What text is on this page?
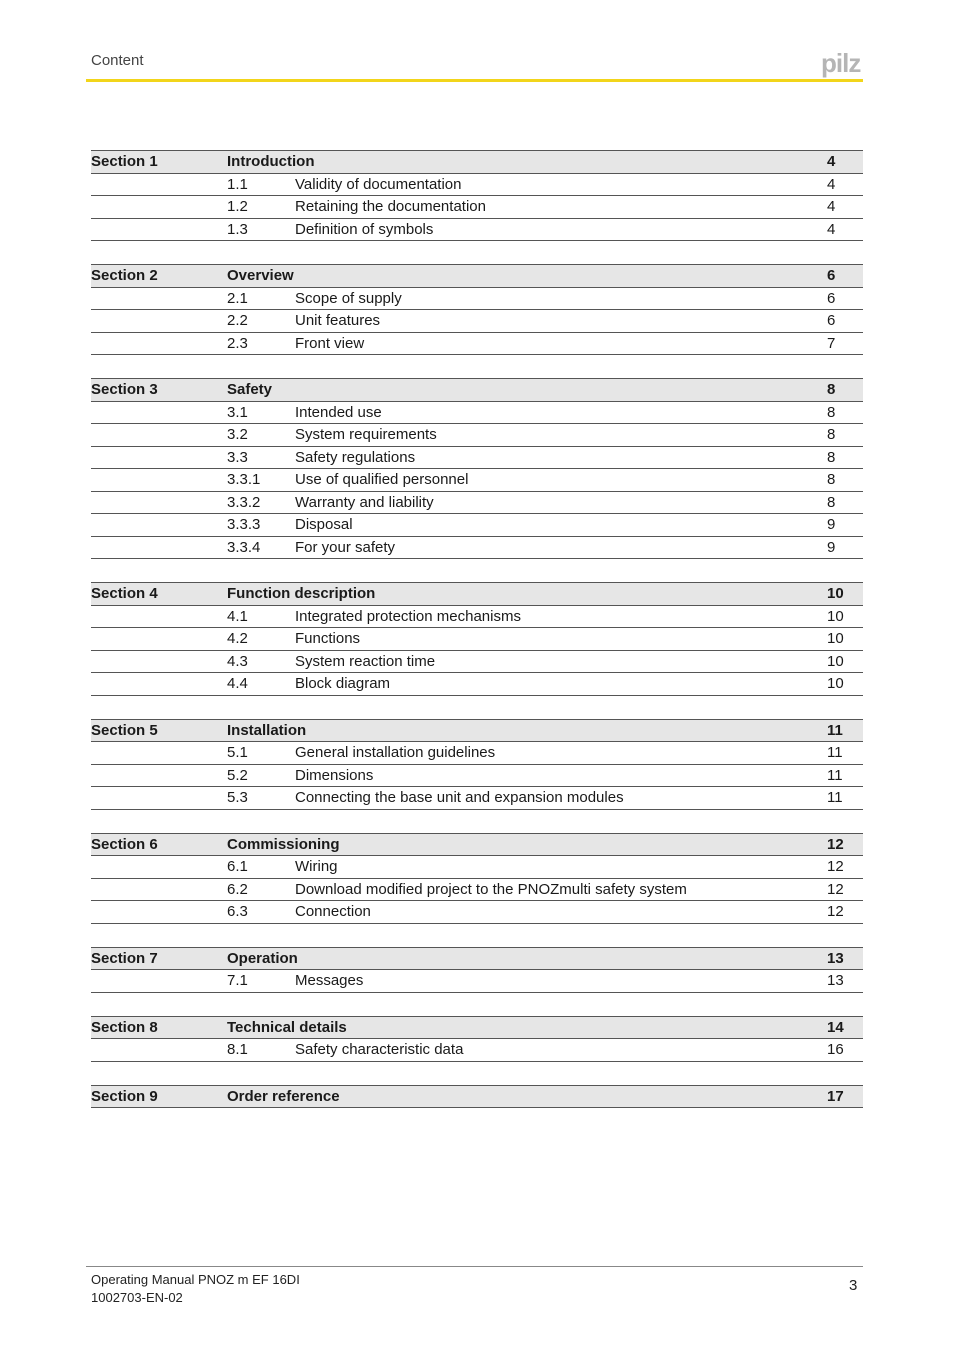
Content	pilz
Section 1	Introduction	4
1.1	Validity of documentation	4
1.2	Retaining the documentation	4
1.3	Definition of symbols	4
Section 2	Overview	6
2.1	Scope of supply	6
2.2	Unit features	6
2.3	Front view	7
Section 3	Safety	8
3.1	Intended use	8
3.2	System requirements	8
3.3	Safety regulations	8
3.3.1	Use of qualified personnel	8
3.3.2	Warranty and liability	8
3.3.3	Disposal	9
3.3.4	For your safety	9
Section 4	Function description	10
4.1	Integrated protection mechanisms	10
4.2	Functions	10
4.3	System reaction time	10
4.4	Block diagram	10
Section 5	Installation	11
5.1	General installation guidelines	11
5.2	Dimensions	11
5.3	Connecting the base unit and expansion modules	11
Section 6	Commissioning	12
6.1	Wiring	12
6.2	Download modified project to the PNOZmulti safety system	12
6.3	Connection	12
Section 7	Operation	13
7.1	Messages	13
Section 8	Technical details	14
8.1	Safety characteristic data	16
Section 9	Order reference	17
Operating Manual PNOZ m EF 16DI
1002703-EN-02
3
